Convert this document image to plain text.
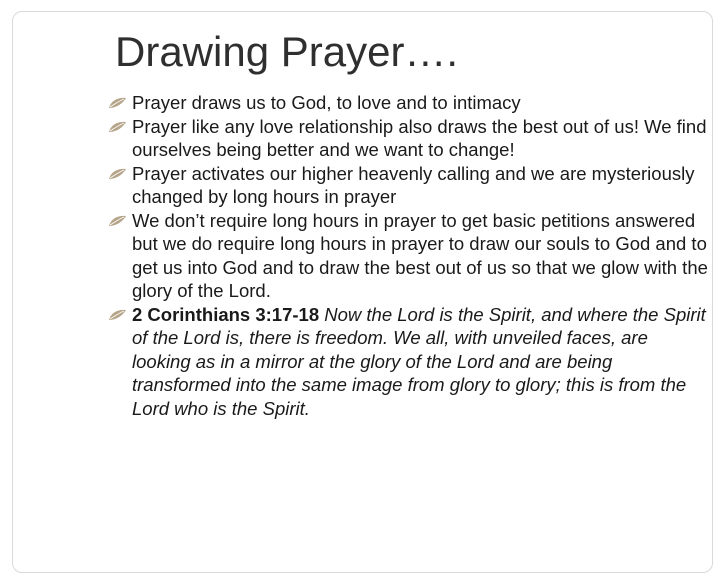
Drawing Prayer….
Prayer draws us to God, to love and to intimacy
Prayer like any love relationship also draws the best out of us! We find ourselves being better and we want to change!
Prayer activates our higher heavenly calling and we are mysteriously changed by long hours in prayer
We don’t require long hours in prayer to get basic petitions answered but we do require long hours in prayer to draw our souls to God and to get us into God and to draw the best out of us so that we glow with the glory of the Lord.
2 Corinthians 3:17-18 Now the Lord is the Spirit, and where the Spirit of the Lord is, there is freedom. We all, with unveiled faces, are looking as in a mirror at the glory of the Lord and are being transformed into the same image from glory to glory; this is from the Lord who is the Spirit.
